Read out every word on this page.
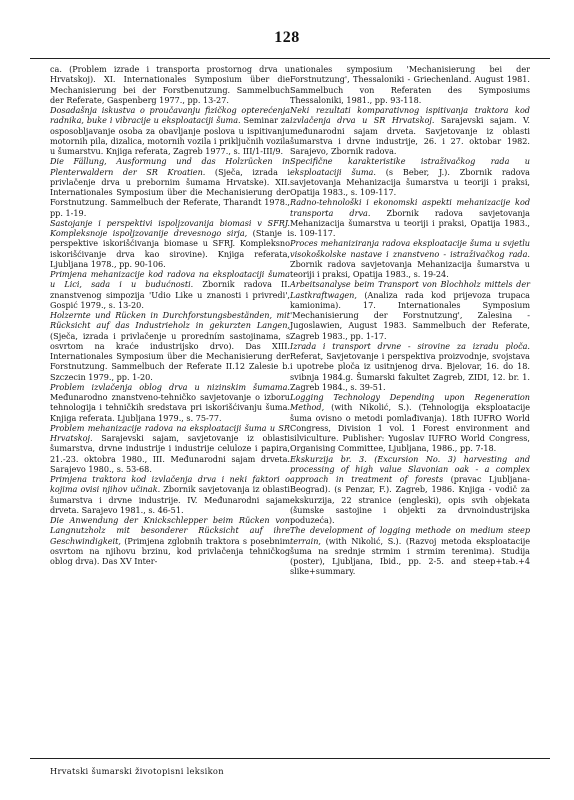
128

ca. (Problem izrade i transporta prostornog drva u Hrvatskoj). XI. Internationales Symposium über die Mechanisierung bei der Forstbenutzung. Sammelbuch der Referate, Gaspenberg 1977., pp. 13-27.

Dosadašnja iskustva o proučavanju fizičkog opterećenja radnika, buke i vibracije u eksploataciji šuma. Seminar za osposobljavanje osoba za obavljanje poslova u ispitivanju motornih pila, dizalica, motornih vozila i priključnih vozila u šumarstvu. Knjiga referata, Zagreb 1977., s. III/1-III/9.

Die Fällung, Ausformung und das Holzrücken in Plenterwaldern der SR Kroatien. (Sječa, izrada i privlačenje drva u prebornim šumama Hrvatske). XII. Internationales Symposium über die Mechanisierung der Forstnutzung. Sammelbuch der Referate, Tharandt 1978., pp. 1-19.

Sastojanje i perspektivi ispoljzovanija biomasi v SFRJ. Kompleksnoje ispoljzovanije drevesnogo sirja, (Stanje i perspektive iskorišćivanja biomase u SFRJ. Kompleksno iskorišćivanje drva kao sirovine). Knjiga referata, Ljubljana 1978., pp. 90-106.

Primjena mehanizacije kod radova na eksploataciji šuma u Lici, sada i u budućnosti. Zbornik radova II. znanstvenog simpozija 'Udio Like u znanosti i privredi', Gospić 1979., s. 13-20.

Holzernte und Rücken in Durchforstungsbeständen, mit Rücksicht auf das Industrieholz in gekurzten Langen, (Sječa, izrada i privlačenje u proredním sastojinama, s osvrtom na kraće industrijsko drvo). Das XIII. Internationales Symposium über die Mechanisierung der Forstnutzung. Sammelbuch der Referate II.12 Zalesie b. Szczecin 1979., pp. 1-20.

Problem izvlačenja oblog drva u nizinskim šumama. Međunarodno znanstveno-tehničko savjetovanje o izboru tehnologija i tehničkih sredstava pri iskorišćivanju šuma. Knjiga referata. Ljubljana 1979., s. 75-77.

Problem mehanizacije radova na eksploataciji šuma u SR Hrvatskoj. Sarajevski sajam, savjetovanje iz oblasti šumarstva, drvne industrije i industrije celuloze i papira, 21.-23. oktobra 1980., III. Međunarodni sajam drveta. Sarajevo 1980., s. 53-68.

Primjena traktora kod izvlačenja drva i neki faktori o kojima ovisi njihov učinak. Zbornik savjetovanja iz oblasti šumarstva i drvne industrije. IV. Međunarodni sajam drveta. Sarajevo 1981., s. 46-51.

Die Anwendung der Knickschlepper beim Rücken von Langnutzholz mit besonderer Rücksicht auf ihre Geschwindigkeit, (Primjena zglobnih traktora s posebnim osvrtom na njihovu brzinu, kod privlačenja tehničkog oblog drva). Das XV Inter-

nationales symposium 'Mechanisierung bei der Forstnutzung', Thessaloniki - Griechenland. August 1981. Sammelbuch von Referaten des Symposiums Thessaloniki, 1981., pp. 93-118.

Neki rezultati komparativnog ispitivanja traktora kod izvlačenja drva u SR Hrvatskoj. Sarajevski sajam. V. međunarodni sajam drveta. Savjetovanje iz oblasti šumarstva i drvne industrije, 26. i 27. oktobar 1982. Sarajevo, Zbornik radova.

Specifične karakteristike istraživačkog rada u eksploataciji šuma. (s Beber, J.). Zbornik radova savjetovanja Mehanizacija šumarstva u teoriji i praksi, Opatija 1983., s. 109-117.

Radno-tehnološki i ekonomski aspekti mehanizacije kod transporta drva. Zbornik radova savjetovanja Mehanizacija šumarstva u teoriji i praksi, Opatija 1983., s. 109-117.

Proces mehaniziranja radova eksploatacije šuma u svjetlu visokoškolske nastave i znanstveno - istraživačkog rada. Zbornik radova savjetovanja Mehanizacija šumarstva u teoriji i praksi, Opatija 1983., s. 19-24.

Arbeitsanalyse beim Transport von Blochholz mittels der Lastkraftwagen, (Analiza rada kod prijevoza trupaca kamionima). 17. Internationales Symposium 'Mechanisierung der Forstnutzung', Zalesina - Jugoslawien, August 1983. Sammelbuch der Referate, Zagreb 1983., pp. 1-17.

Izrada i transport drvne - sirovine za izradu ploča. Referat, Savjetovanje i perspektiva proizvodnje, svojstava i upotrebe ploča iz usitnjenog drva. Bjelovar, 16. do 18. svibnja 1984.g. Šumarski fakultet Zagreb, ZIDI, 12. br. 1. Zagreb 1984., s. 39-51.

Logging Technology Depending upon Regeneration Method, (with Nikolić, S.). (Tehnologija eksploatacije šuma ovisno o metodi pomlađivanja). 18th IUFRO World Congress, Division 1 vol. 1 Forest environment and silviculture. Publisher: Yugoslav IUFRO World Congress, Organising Committee, Ljubljana, 1986., pp. 7-18.

Ekskurzija br. 3. (Excursion No. 3) harvesting and processing of high value Slavonian oak - a complex approach in treatment of forests (pravac Ljubljana-Beograd). (s Penzar, F.). Zagreb, 1986. Knjiga - vodič za ekskurzija, 22 stranice (engleski), opis svih objekata (šumske sastojine i objekti za drvnoindustrijska poduzeća).

The development of logging methode on medium steep terrain, (with Nikolić, S.). (Razvoj metoda eksploatacije šuma na srednje strmim i strmim terenima). Studija (poster), Ljubljana, Ibid., pp. 2-5. and steep+tab.+4 slike+summary.

Hrvatski šumarski životopisni leksikon
